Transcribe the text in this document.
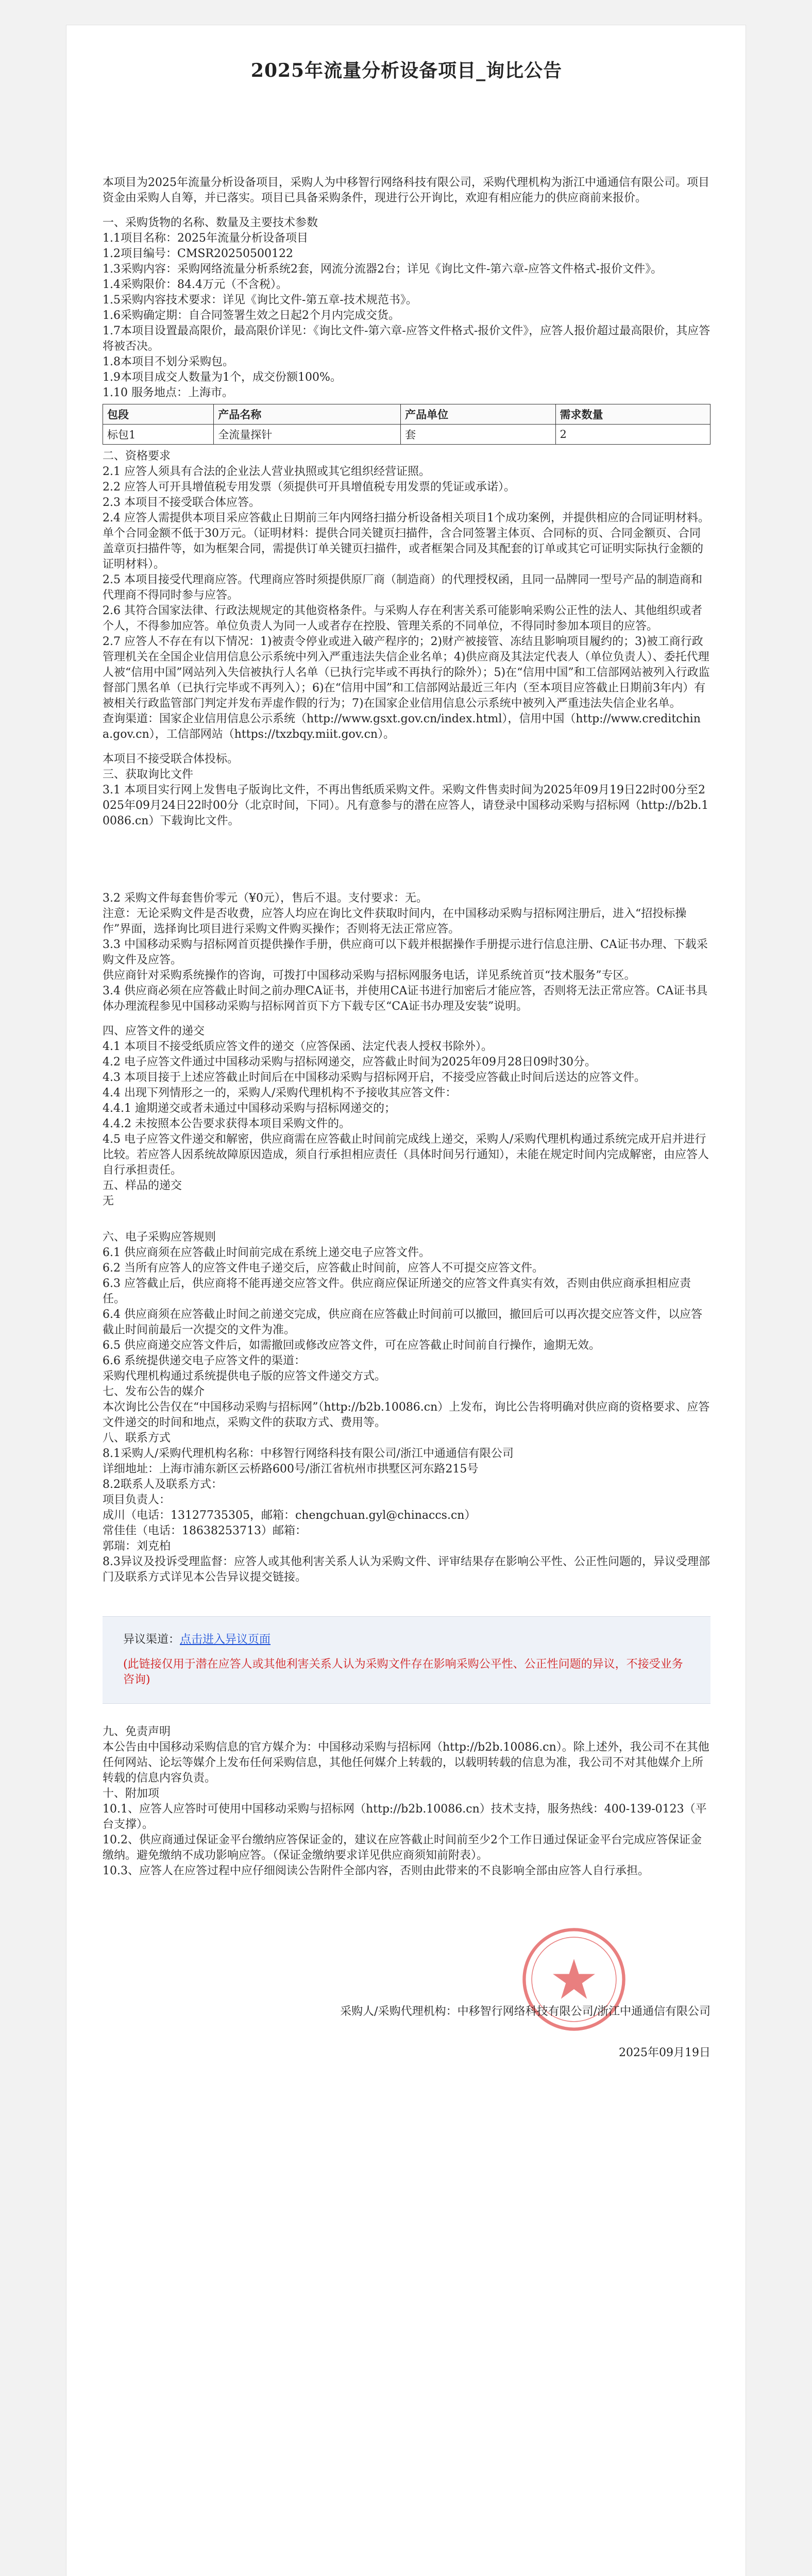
2025年流量分析设备项目_询比公告

本项目为2025年流量分析设备项目，采购人为中移智行网络科技有限公司，采购代理机构为浙江中通通信有限公司。项目资金由采购人自筹，并已落实。项目已具备采购条件，现进行公开询比，欢迎有相应能力的供应商前来报价。

一、采购货物的名称、数量及主要技术参数

1.1项目名称：2025年流量分析设备项目

1.2项目编号：CMSR20250500122

1.3采购内容：采购网络流量分析系统2套，网流分流器2台；详见《询比文件-第六章-应答文件格式-报价文件》。

1.4采购限价：84.4万元（不含税）。

1.5采购内容技术要求：详见《询比文件-第五章-技术规范书》。

1.6采购确定期：自合同签署生效之日起2个月内完成交货。

1.7本项目设置最高限价，最高限价详见：《询比文件-第六章-应答文件格式-报价文件》，应答人报价超过最高限价，其应答将被否决。

1.8本项目不划分采购包。

1.9本项目成交人数量为1个，成交份额100%。

1.10 服务地点：上海市。

包段	产品名称	产品单位	需求数量
标包1	全流量探针	套	2

二、资格要求

2.1 应答人须具有合法的企业法人营业执照或其它组织经营证照。

2.2 应答人可开具增值税专用发票（须提供可开具增值税专用发票的凭证或承诺）。

2.3 本项目不接受联合体应答。

2.4 应答人需提供本项目采应答截止日期前三年内网络扫描分析设备相关项目1个成功案例，并提供相应的合同证明材料。单个合同金额不低于30万元。（证明材料：提供合同关键页扫描件，含合同签署主体页、合同标的页、合同金额页、合同盖章页扫描件等，如为框架合同，需提供订单关键页扫描件，或者框架合同及其配套的订单或其它可证明实际执行金额的证明材料）。

2.5 本项目接受代理商应答。代理商应答时须提供原厂商（制造商）的代理授权函，且同一品牌同一型号产品的制造商和代理商不得同时参与应答。

2.6 其符合国家法律、行政法规规定的其他资格条件。与采购人存在利害关系可能影响采购公正性的法人、其他组织或者个人，不得参加应答。单位负责人为同一人或者存在控股、管理关系的不同单位，不得同时参加本项目的应答。

2.7 应答人不存在有以下情况：1)被责令停业或进入破产程序的；2)财产被接管、冻结且影响项目履约的；3)被工商行政管理机关在全国企业信用信息公示系统中列入严重违法失信企业名单；4)供应商及其法定代表人（单位负责人）、委托代理人被“信用中国”网站列入失信被执行人名单（已执行完毕或不再执行的除外）；5)在“信用中国”和工信部网站被列入行政监督部门黑名单（已执行完毕或不再列入）；6)在“信用中国”和工信部网站最近三年内（至本项目应答截止日期前3年内）有被相关行政监管部门判定并发布弄虚作假的行为；7)在国家企业信用信息公示系统中被列入严重违法失信企业名单。

查询渠道：国家企业信用信息公示系统（http://www.gsxt.gov.cn/index.html），信用中国（http://www.creditchina.gov.cn），工信部网站（https://txzbqy.miit.gov.cn）。

本项目不接受联合体投标。

三、获取询比文件

3.1 本项目实行网上发售电子版询比文件，不再出售纸质采购文件。采购文件售卖时间为2025年09月19日22时00分至2025年09月24日22时00分（北京时间，下同）。凡有意参与的潜在应答人，请登录中国移动采购与招标网（http://b2b.10086.cn）下载询比文件。

3.2 采购文件每套售价零元（¥0元），售后不退。支付要求：无。

注意：无论采购文件是否收费，应答人均应在询比文件获取时间内，在中国移动采购与招标网注册后，进入“招投标操作”界面，选择询比项目进行采购文件购买操作；否则将无法正常应答。

3.3 中国移动采购与招标网首页提供操作手册，供应商可以下载并根据操作手册提示进行信息注册、CA证书办理、下载采购文件及应答。

供应商针对采购系统操作的咨询，可拨打中国移动采购与招标网服务电话，详见系统首页“技术服务”专区。

3.4 供应商必须在应答截止时间之前办理CA证书，并使用CA证书进行加密后才能应答，否则将无法正常应答。CA证书具体办理流程参见中国移动采购与招标网首页下方下载专区“CA证书办理及安装”说明。

四、应答文件的递交

4.1 本项目不接受纸质应答文件的递交（应答保函、法定代表人授权书除外）。

4.2 电子应答文件通过中国移动采购与招标网递交，应答截止时间为2025年09月28日09时30分。

4.3 本项目接于上述应答截止时间后在中国移动采购与招标网开启，不接受应答截止时间后送达的应答文件。

4.4 出现下列情形之一的，采购人/采购代理机构不予接收其应答文件：

4.4.1 逾期递交或者未通过中国移动采购与招标网递交的；

4.4.2 未按照本公告要求获得本项目采购文件的。

4.5 电子应答文件递交和解密，供应商需在应答截止时间前完成线上递交，采购人/采购代理机构通过系统完成开启并进行比较。若应答人因系统故障原因造成，须自行承担相应责任（具体时间另行通知），未能在规定时间内完成解密，由应答人自行承担责任。

五、样品的递交

无

六、电子采购应答规则

6.1 供应商须在应答截止时间前完成在系统上递交电子应答文件。

6.2 当所有应答人的应答文件电子递交后，应答截止时间前，应答人不可提交应答文件。

6.3 应答截止后，供应商将不能再递交应答文件。供应商应保证所递交的应答文件真实有效，否则由供应商承担相应责任。

6.4 供应商须在应答截止时间之前递交完成，供应商在应答截止时间前可以撤回，撤回后可以再次提交应答文件，以应答截止时间前最后一次提交的文件为准。

6.5 供应商递交应答文件后，如需撤回或修改应答文件，可在应答截止时间前自行操作，逾期无效。

6.6 系统提供递交电子应答文件的渠道：

采购代理机构通过系统提供电子版的应答文件递交方式。

七、发布公告的媒介

本次询比公告仅在“中国移动采购与招标网”（http://b2b.10086.cn）上发布，询比公告将明确对供应商的资格要求、应答文件递交的时间和地点，采购文件的获取方式、费用等。

八、联系方式

8.1采购人/采购代理机构名称：中移智行网络科技有限公司/浙江中通通信有限公司

详细地址：上海市浦东新区云桥路600号/浙江省杭州市拱墅区河东路215号

8.2联系人及联系方式：

项目负责人：

成川（电话：13127735305，邮箱：chengchuan.gyl@chinaccs.cn）

常佳佳（电话：18638253713）邮箱：

郭瑞：刘克柏

8.3异议及投诉受理监督：应答人或其他利害关系人认为采购文件、评审结果存在影响公平性、公正性问题的，异议受理部门及联系方式详见本公告异议提交链接。

异议渠道：点击进入异议页面

(此链接仅用于潜在应答人或其他利害关系人认为采购文件存在影响采购公平性、公正性问题的异议，不接受业务咨询)

九、免责声明

本公告由中国移动采购信息的官方媒介为：中国移动采购与招标网（http://b2b.10086.cn）。除上述外，我公司不在其他任何网站、论坛等媒介上发布任何采购信息，其他任何媒介上转载的，以载明转载的信息为准，我公司不对其他媒介上所转载的信息内容负责。

十、附加项

10.1、应答人应答时可使用中国移动采购与招标网（http://b2b.10086.cn）技术支持，服务热线：400-139-0123（平台支撑）。

10.2、供应商通过保证金平台缴纳应答保证金的，建议在应答截止时间前至少2个工作日通过保证金平台完成应答保证金缴纳。避免缴纳不成功影响应答。（保证金缴纳要求详见供应商须知前附表）。

10.3、应答人在应答过程中应仔细阅读公告附件全部内容，否则由此带来的不良影响全部由应答人自行承担。

采购人/采购代理机构：中移智行网络科技有限公司/浙江中通通信有限公司
2025年09月19日
